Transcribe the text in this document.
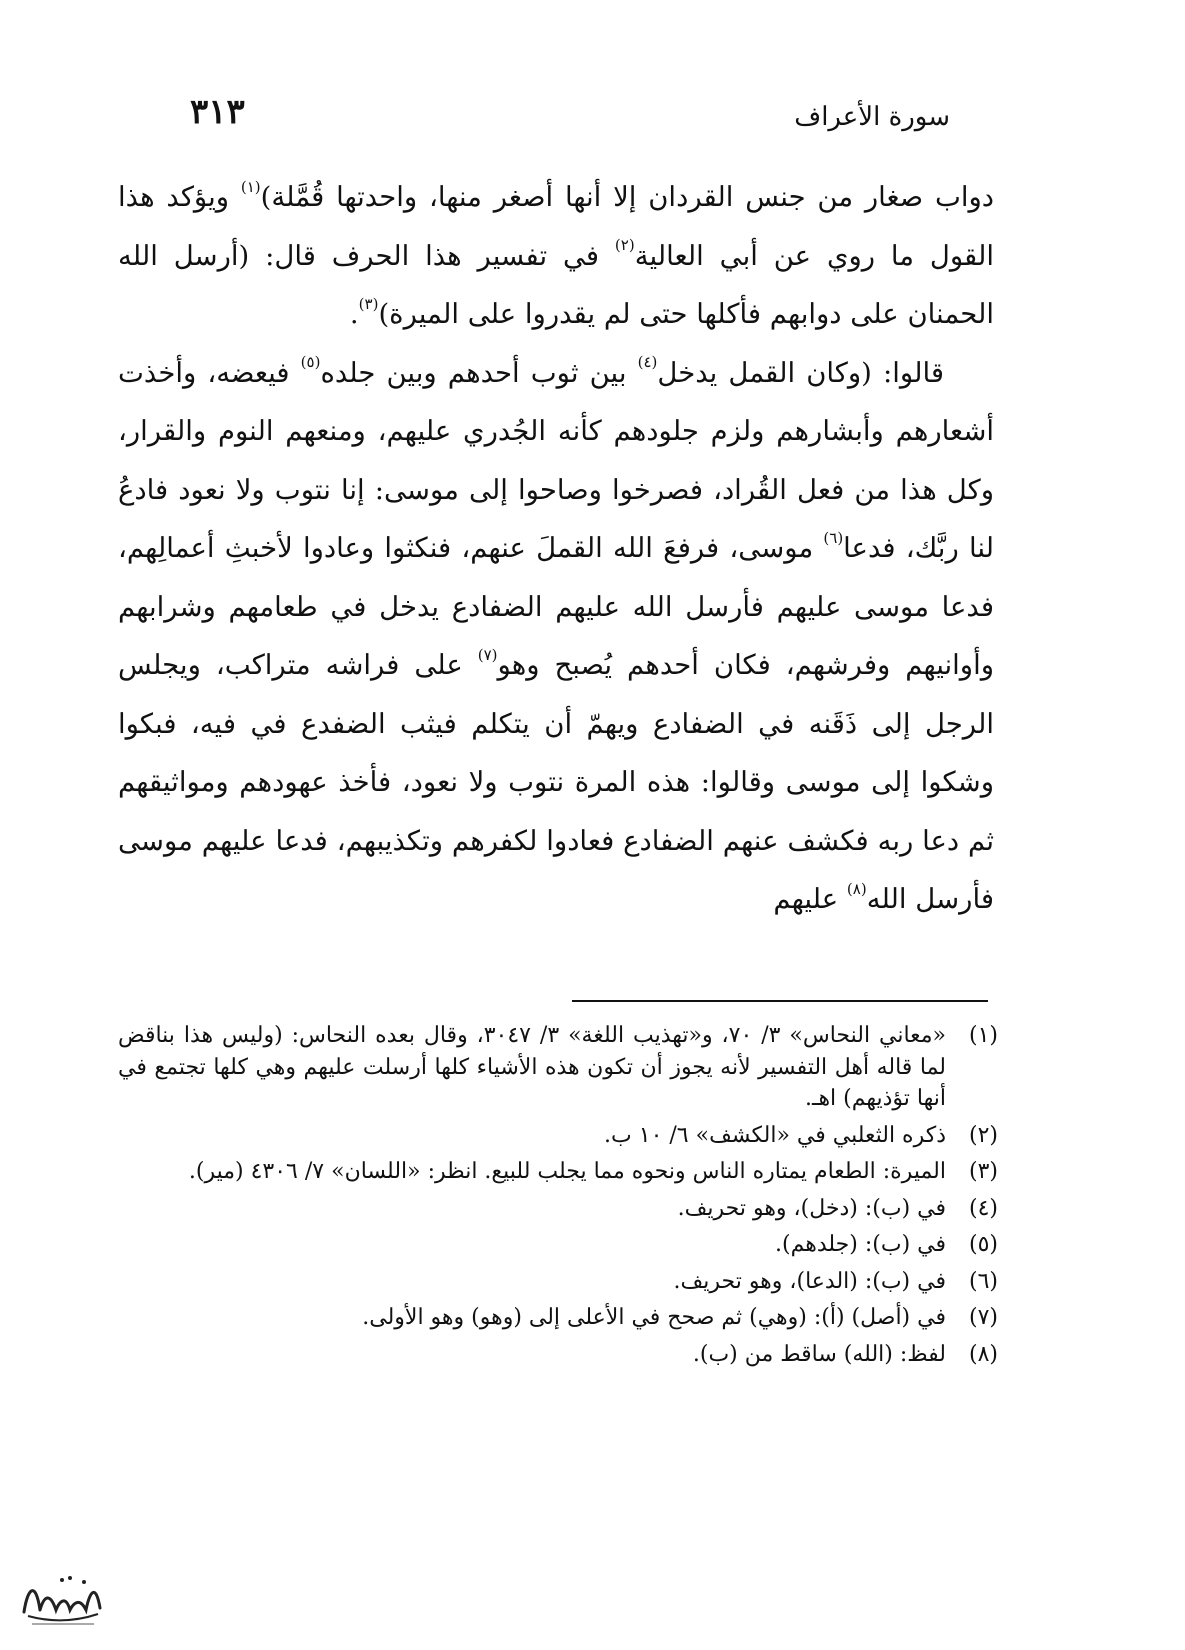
سورة الأعراف
٣١٣

دواب صغار من جنس القردان إلا أنها أصغر منها، واحدتها قُمَّلة)$^{(١)}$ ويؤكد هذا القول ما روي عن أبي العالية$^{(٢)}$ في تفسير هذا الحرف قال: (أرسل الله الحمنان على دوابهم فأكلها حتى لم يقدروا على الميرة)$^{(٣)}$.

قالوا: (وكان القمل يدخل$^{(٤)}$ بين ثوب أحدهم وبين جلده$^{(٥)}$ فيعضه، وأخذت أشعارهم وأبشارهم ولزم جلودهم كأنه الجُدري عليهم، ومنعهم النوم والقرار، وكل هذا من فعل القُراد، فصرخوا وصاحوا إلى موسى: إنا نتوب ولا نعود فادعُ لنا ربَّك، فدعا$^{(٦)}$ موسى، فرفعَ الله القملَ عنهم، فنكثوا وعادوا لأخبثِ أعمالِهم، فدعا موسى عليهم فأرسل الله عليهم الضفادع يدخل في طعامهم وشرابهم وأوانيهم وفرشهم، فكان أحدهم يُصبح وهو$^{(٧)}$ على فراشه متراكب، ويجلس الرجل إلى ذَقَنه في الضفادع ويهمّ أن يتكلم فيثب الضفدع في فيه، فبكوا وشكوا إلى موسى وقالوا: هذه المرة نتوب ولا نعود، فأخذ عهودهم ومواثيقهم ثم دعا ربه فكشف عنهم الضفادع فعادوا لكفرهم وتكذيبهم، فدعا عليهم موسى فأرسل الله$^{(٨)}$ عليهم

(١)
«معاني النحاس» ٣/ ٧٠، و«تهذيب اللغة» ٣/ ٣٠٤٧، وقال بعده النحاس: (وليس هذا بناقض لما قاله أهل التفسير لأنه يجوز أن تكون هذه الأشياء كلها أرسلت عليهم وهي كلها تجتمع في أنها تؤذيهم) اهـ.
(٢)
ذكره الثعلبي في «الكشف» ٦/ ١٠ ب.
(٣)
الميرة: الطعام يمتاره الناس ونحوه مما يجلب للبيع. انظر: «اللسان» ٧/ ٤٣٠٦ (مير).
(٤)
في (ب): (دخل)، وهو تحريف.
(٥)
في (ب): (جلدهم).
(٦)
في (ب): (الدعا)، وهو تحريف.
(٧)
في (أصل) (أ): (وهي) ثم صحح في الأعلى إلى (وهو) وهو الأولى.
(٨)
لفظ: (الله) ساقط من (ب).
